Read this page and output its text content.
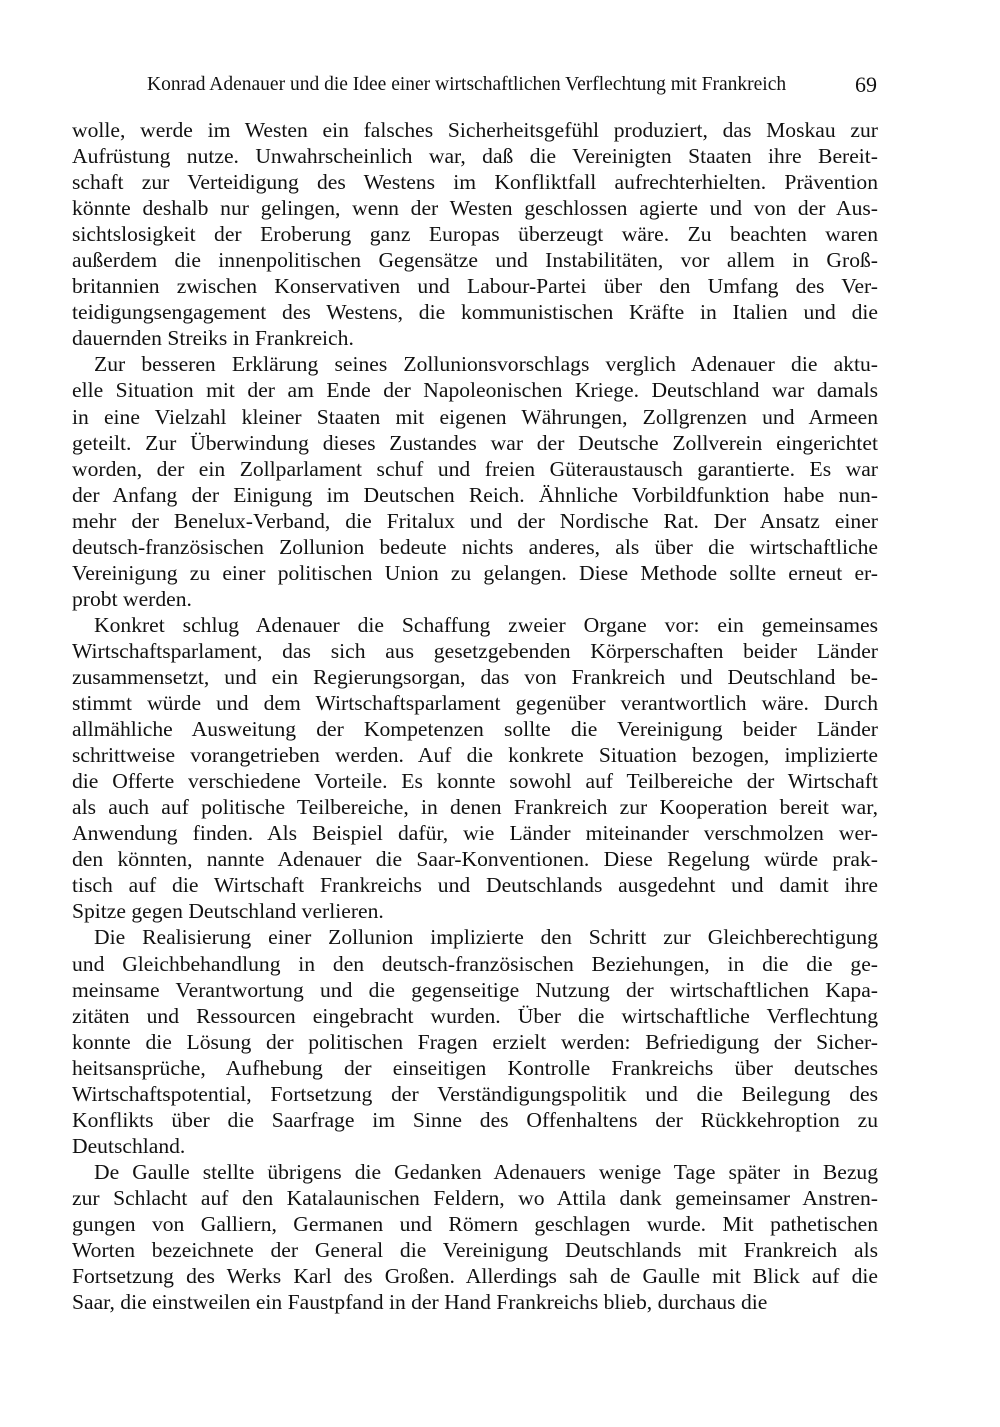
Konrad Adenauer und die Idee einer wirtschaftlichen Verflechtung mit Frankreich	69
wolle, werde im Westen ein falsches Sicherheitsgefühl produziert, das Moskau zur
Aufrüstung nutze. Unwahrscheinlich war, daß die Vereinigten Staaten ihre Bereit-
schaft zur Verteidigung des Westens im Konfliktfall aufrechterhielten. Prävention
könnte deshalb nur gelingen, wenn der Westen geschlossen agierte und von der Aus-
sichtslosigkeit der Eroberung ganz Europas überzeugt wäre. Zu beachten waren
außerdem die innenpolitischen Gegensätze und Instabilitäten, vor allem in Groß-
britannien zwischen Konservativen und Labour-Partei über den Umfang des Ver-
teidigungsengagement des Westens, die kommunistischen Kräfte in Italien und die
dauernden Streiks in Frankreich.
Zur besseren Erklärung seines Zollunionsvorschlags verglich Adenauer die aktu-
elle Situation mit der am Ende der Napoleonischen Kriege. Deutschland war damals
in eine Vielzahl kleiner Staaten mit eigenen Währungen, Zollgrenzen und Armeen
geteilt. Zur Überwindung dieses Zustandes war der Deutsche Zollverein eingerichtet
worden, der ein Zollparlament schuf und freien Güteraustausch garantierte. Es war
der Anfang der Einigung im Deutschen Reich. Ähnliche Vorbildfunktion habe nun-
mehr der Benelux-Verband, die Fritalux und der Nordische Rat. Der Ansatz einer
deutsch-französischen Zollunion bedeute nichts anderes, als über die wirtschaftliche
Vereinigung zu einer politischen Union zu gelangen. Diese Methode sollte erneut er-
probt werden.
Konkret schlug Adenauer die Schaffung zweier Organe vor: ein gemeinsames
Wirtschaftsparlament, das sich aus gesetzgebenden Körperschaften beider Länder
zusammensetzt, und ein Regierungsorgan, das von Frankreich und Deutschland be-
stimmt würde und dem Wirtschaftsparlament gegenüber verantwortlich wäre. Durch
allmähliche Ausweitung der Kompetenzen sollte die Vereinigung beider Länder
schrittweise vorangetrieben werden. Auf die konkrete Situation bezogen, implizierte
die Offerte verschiedene Vorteile. Es konnte sowohl auf Teilbereiche der Wirtschaft
als auch auf politische Teilbereiche, in denen Frankreich zur Kooperation bereit war,
Anwendung finden. Als Beispiel dafür, wie Länder miteinander verschmolzen wer-
den könnten, nannte Adenauer die Saar-Konventionen. Diese Regelung würde prak-
tisch auf die Wirtschaft Frankreichs und Deutschlands ausgedehnt und damit ihre
Spitze gegen Deutschland verlieren.
Die Realisierung einer Zollunion implizierte den Schritt zur Gleichberechtigung
und Gleichbehandlung in den deutsch-französischen Beziehungen, in die die ge-
meinsame Verantwortung und die gegenseitige Nutzung der wirtschaftlichen Kapa-
zitäten und Ressourcen eingebracht wurden. Über die wirtschaftliche Verflechtung
konnte die Lösung der politischen Fragen erzielt werden: Befriedigung der Sicher-
heitsansprüche, Aufhebung der einseitigen Kontrolle Frankreichs über deutsches
Wirtschaftspotential, Fortsetzung der Verständigungspolitik und die Beilegung des
Konflikts über die Saarfrage im Sinne des Offenhaltens der Rückkehroption zu
Deutschland.
De Gaulle stellte übrigens die Gedanken Adenauers wenige Tage später in Bezug
zur Schlacht auf den Katalaunischen Feldern, wo Attila dank gemeinsamer Anstren-
gungen von Galliern, Germanen und Römern geschlagen wurde. Mit pathetischen
Worten bezeichnete der General die Vereinigung Deutschlands mit Frankreich als
Fortsetzung des Werks Karl des Großen. Allerdings sah de Gaulle mit Blick auf die
Saar, die einstweilen ein Faustpfand in der Hand Frankreichs blieb, durchaus die
